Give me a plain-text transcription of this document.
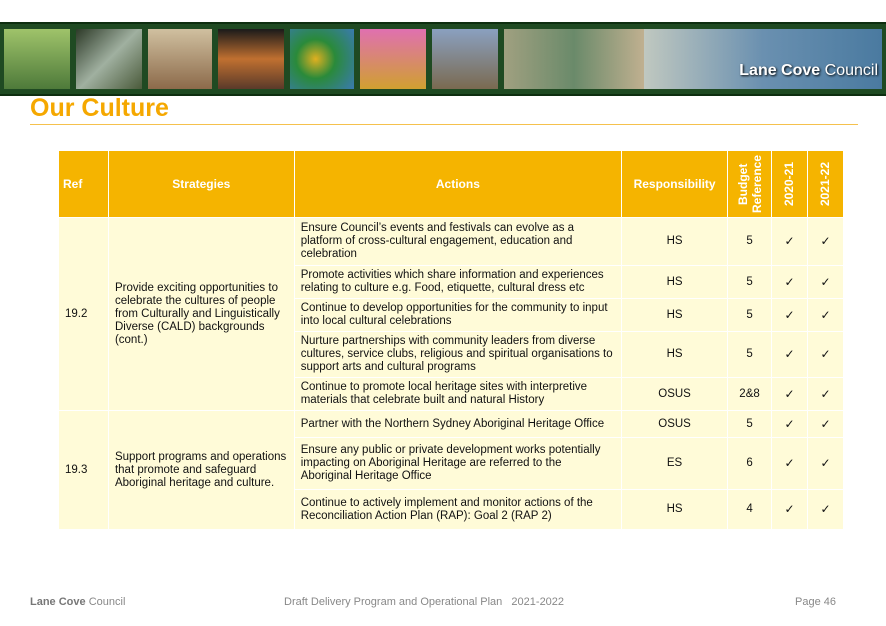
Lane Cove Council
Our Culture
Ref	Strategies	Actions	Responsibility	Budget Reference	2020-21	2021-22

19.2	Provide exciting opportunities to celebrate the cultures of people from Culturally and Linguistically Diverse (CALD) backgrounds (cont.)	Ensure Council’s events and festivals can evolve as a platform of cross-cultural engagement, education and celebration	HS	5	✓	✓
		Promote activities which share information and experiences relating to culture e.g. Food, etiquette, cultural dress etc	HS	5	✓	✓
		Continue to develop opportunities for the community to input into local cultural celebrations	HS	5	✓	✓
		Nurture partnerships with community leaders from diverse cultures, service clubs, religious and spiritual organisations to support arts and cultural programs	HS	5	✓	✓
		Continue to promote local heritage sites with interpretive materials that celebrate built and natural History	OSUS	2&8	✓	✓
19.3	Support programs and operations that promote and safeguard Aboriginal heritage and culture.	Partner with the Northern Sydney Aboriginal Heritage Office	OSUS	5	✓	✓
		Ensure any public or private development works potentially impacting on Aboriginal Heritage are referred to the Aboriginal Heritage Office	ES	6	✓	✓
		Continue to actively implement and monitor actions of the Reconciliation Action Plan (RAP): Goal 2 (RAP 2)	HS	4	✓	✓
Lane Cove Council	Draft Delivery Program and Operational Plan   2021-2022	Page 46
